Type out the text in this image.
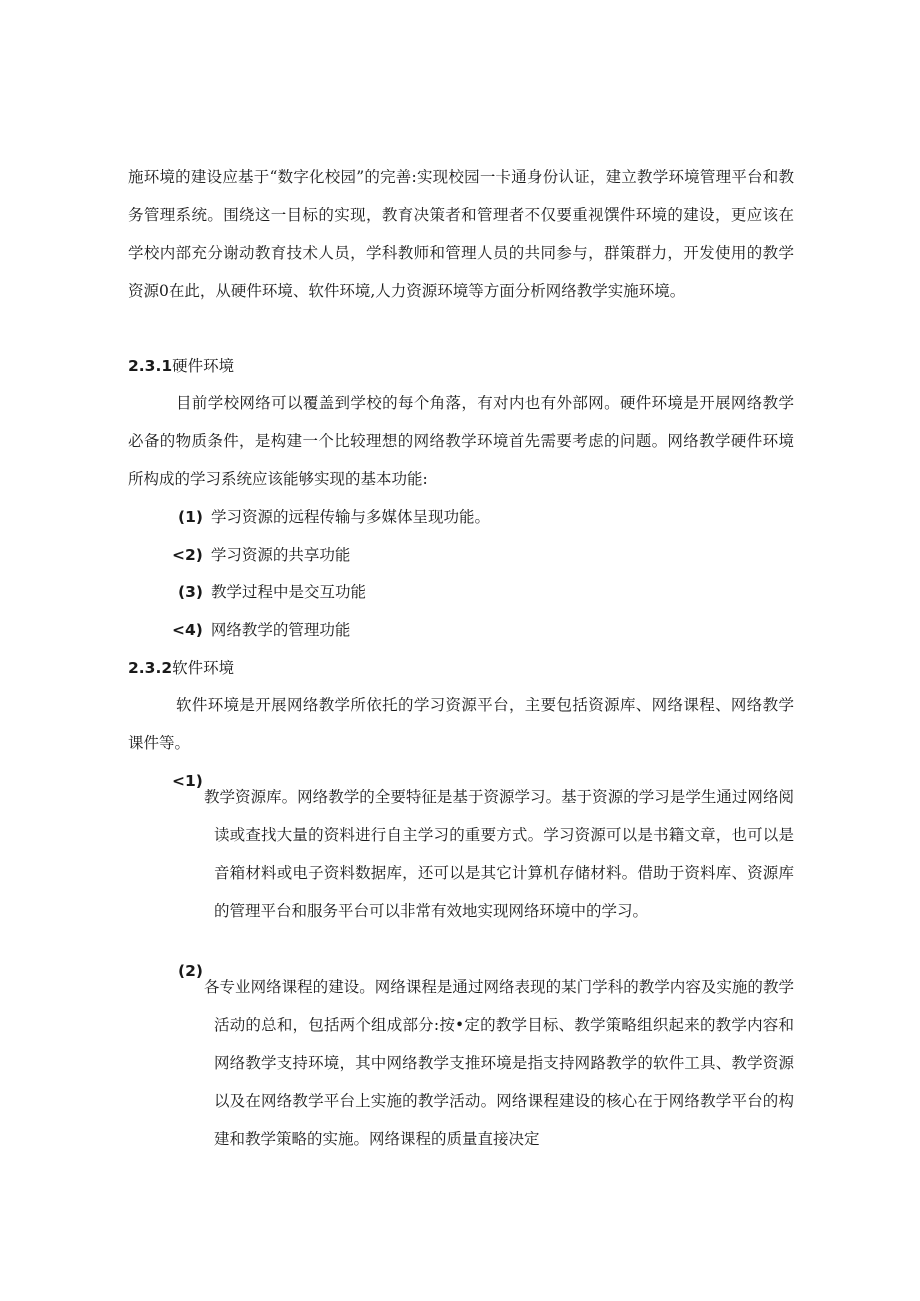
施环境的建设应基于“数字化校园”的完善:实现校园一卡通身份认证，建立教学环境管理平台和教务管理系统。围绕这一目标的实现，教育决策者和管理者不仅要重视馔件环境的建设，更应该在学校内部充分谢动教育技术人员，学科教师和管理人员的共同参与，群策群力，开发使用的教学资源0在此，从硬件环境、软件环境,人力资源环境等方面分析网络教学实施环境。

2.3.1硬件环境

目前学校网络可以覆盖到学校的每个角落，有对内也有外部网。硬件环境是开展网络教学必备的物质条件，是构建一个比较理想的网络教学环境首先需要考虑的问题。网络教学硬件环境所构成的学习系统应该能够实现的基本功能:

(1) 学习资源的远程传输与多媒体呈现功能。

<2) 学习资源的共享功能

(3) 教学过程中是交互功能

<4) 网络教学的管理功能

2.3.2软件环境

软件环境是开展网络教学所依托的学习资源平台，主要包括资源库、网络课程、网络教学课件等。

<1)

教学资源库。网络教学的全要特征是基于资源学习。基于资源的学习是学生通过网络阅读或查找大量的资料进行自主学习的重要方式。学习资源可以是书籍文章，也可以是音箱材料或电子资料数据库，还可以是其它计算机存储材料。借助于资料库、资源库的管理平台和服务平台可以非常有效地实现网络环境中的学习。

(2)

各专业网络课程的建设。网络课程是通过网络表现的某门学科的教学内容及实施的教学活动的总和，包括两个组成部分:按•定的教学目标、教学策略组织起来的教学内容和网络教学支持环境，其中网络教学支推环境是指支持网路教学的软件工具、教学资源以及在网络教学平台上实施的教学活动。网络课程建设的核心在于网络教学平台的构建和教学策略的实施。网络课程的质量直接决定
